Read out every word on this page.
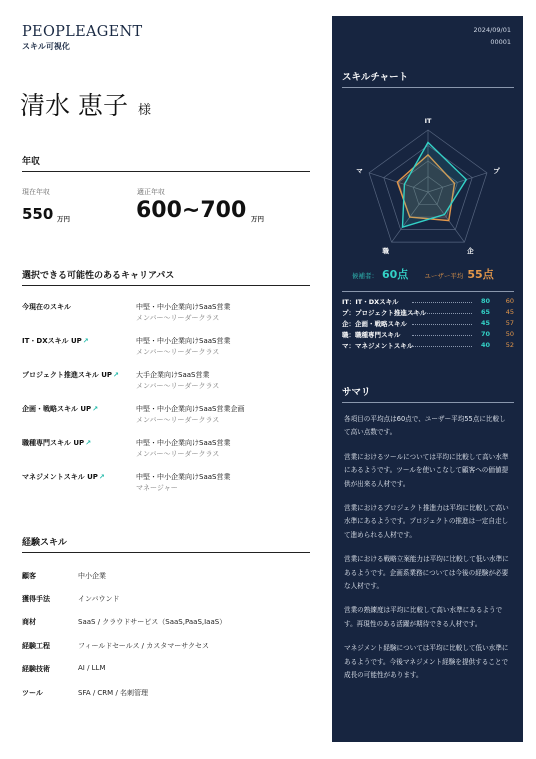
PEOPLEAGENT
スキル可視化
清水 恵子 様
年収
現在年収
550 万円
適正年収
600~700 万円
選択できる可能性のあるキャリアパス
今現在のスキル	中堅・中小企業向けSaaS営業
メンバー〜リーダークラス
IT・DXスキル UP↗	中堅・中小企業向けSaaS営業
メンバー〜リーダークラス
プロジェクト推進スキル UP↗ 大手企業向けSaaS営業
メンバー〜リーダークラス
企画・戦略スキル UP↗	中堅・中小企業向けSaaS営業企画
メンバー〜リーダークラス
職種専門スキル UP↗	中堅・中小企業向けSaaS営業
メンバー〜リーダークラス
マネジメントスキル UP↗	中堅・中小企業向けSaaS営業
マネージャー
経験スキル
顧客	中小企業
獲得手法	インバウンド
商材	SaaS / クラウドサービス（SaaS,PaaS,IaaS）
経験工程	フィールドセールス / カスタマーサクセス
経験技術	AI / LLM
ツール	SFA / CRM / 名刺管理
2024/09/01
00001
スキルチャート
IT
プ
企
職
マ
候補者： 60点 ユーザー平均 55点
IT：IT・DXスキル	80	60
プ：プロジェクト推進スキル	65	45
企：企画・戦略スキル	45	57
職：職種専門スキル	70	50
マ：マネジメントスキル	40	52
サマリ

各項目の平均点は60点で、ユーザー平均55点に比較して高い点数です。

営業におけるツールについては平均に比較して高い水準にあるようです。ツールを使いこなして顧客への価値提供が出来る人材です。

営業におけるプロジェクト推進力は平均に比較して高い水準にあるようです。プロジェクトの推進は一定自走して進められる人材です。

営業における戦略立案能力は平均に比較して低い水準にあるようです。企画系業務については今後の経験が必要な人材です。

営業の熟練度は平均に比較して高い水準にあるようです。再現性のある活躍が期待できる人材です。

マネジメント経験については平均に比較して低い水準にあるようです。今後マネジメント経験を提供することで成長の可能性があります。
